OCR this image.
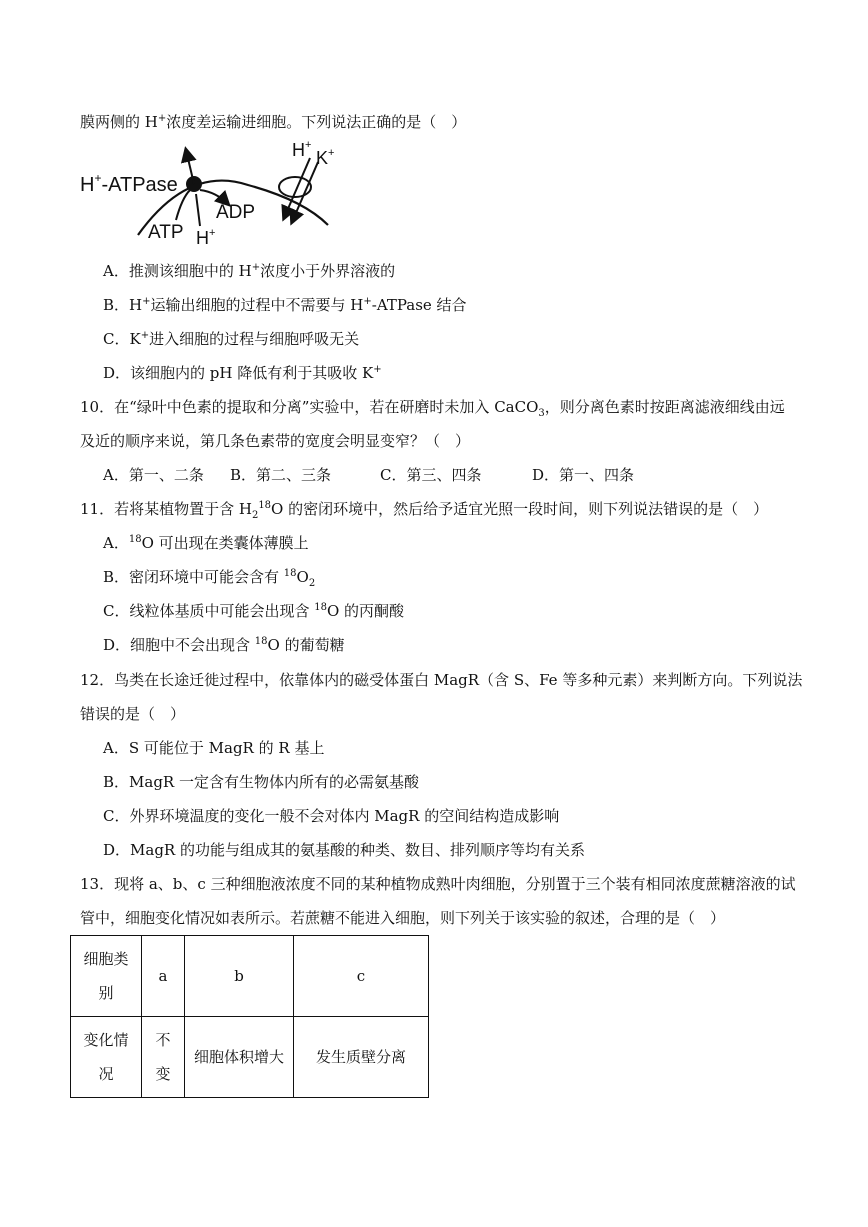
膜两侧的 H+浓度差运输进细胞。下列说法正确的是（　）
H+-ATPase
ADP
ATP H+
H+
K+
A．推测该细胞中的 H+浓度小于外界溶液的
B．H+运输出细胞的过程中不需要与 H+-ATPase 结合
C．K+进入细胞的过程与细胞呼吸无关
D．该细胞内的 pH 降低有利于其吸收 K+
10．在“绿叶中色素的提取和分离”实验中，若在研磨时未加入 CaCO$_3$，则分离色素时按距离滤液细线由远
及近的顺序来说，第几条色素带的宽度会明显变窄？（　）
A．第一、二条 B．第二、三条	C．第三、四条	D．第一、四条
11．若将某植物置于含 $H_2^{18}O$ 的密闭环境中，然后给予适宜光照一段时间，则下列说法错误的是（　）
A．$^{18}$O 可出现在类囊体薄膜上
B．密闭环境中可能会含有 $^{18}O_2$
C．线粒体基质中可能会出现含 $^{18}$O 的丙酮酸
D．细胞中不会出现含 $^{18}$O 的葡萄糖
12．鸟类在长途迁徙过程中，依靠体内的磁受体蛋白 MagR（含 S、Fe 等多种元素）来判断方向。下列说法
错误的是（　）
A．S 可能位于 MagR 的 R 基上
B．MagR 一定含有生物体内所有的必需氨基酸
C．外界环境温度的变化一般不会对体内 MagR 的空间结构造成影响
D．MagR 的功能与组成其的氨基酸的种类、数目、排列顺序等均有关系
13．现将 a、b、c 三种细胞液浓度不同的某种植物成熟叶肉细胞，分别置于三个装有相同浓度蔗糖溶液的试
管中，细胞变化情况如表所示。若蔗糖不能进入细胞，则下列关于该实验的叙述，合理的是（　）
细胞类别	a	b	c

变化情况	不变	细胞体积增大	发生质壁分离
